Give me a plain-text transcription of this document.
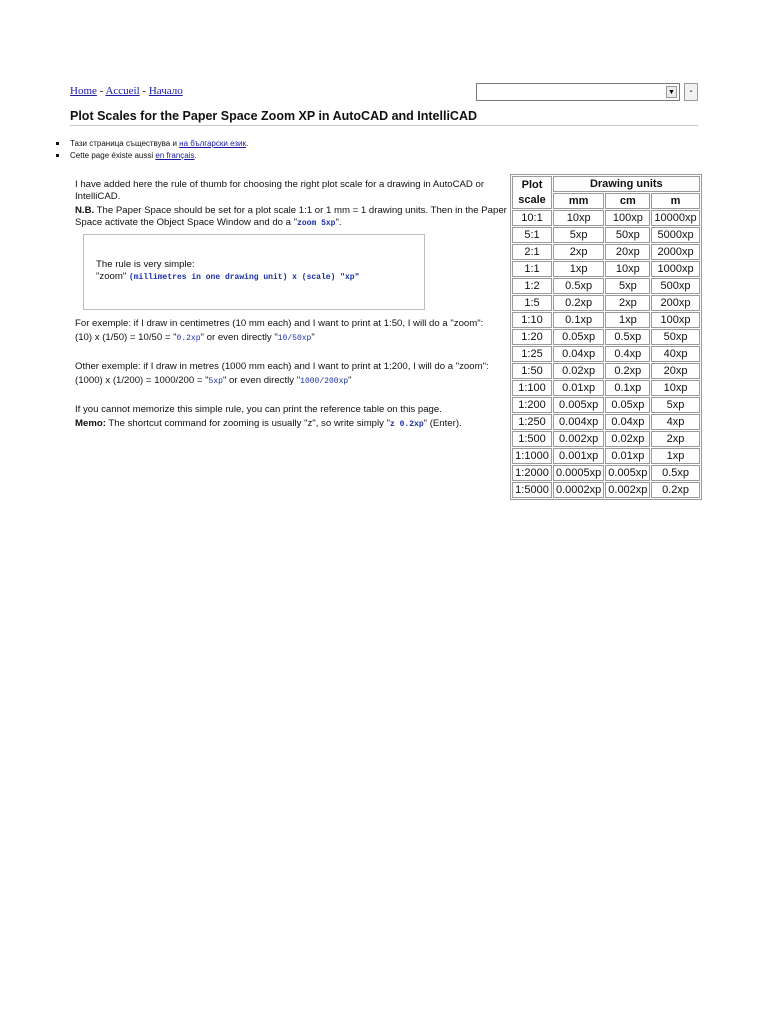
Home - Accueil - Начало	▼	-
Plot Scales for the Paper Space Zoom XP in AutoCAD and IntelliCAD
Тази страница съществува и на български език.
Cette page éxiste aussi en français.

I have added here the rule of thumb for choosing the right plot scale for a drawing in AutoCAD or IntelliCAD.

N.B. The Paper Space should be set for a plot scale 1:1 or 1 mm = 1 drawing units. Then in the Paper Space activate the Object Space Window and do a "zoom 5xp".

The rule is very simple:
"zoom" (millimetres in one drawing unit) x (scale) "xp"

For exemple: if I draw in centimetres (10 mm each) and I want to print at 1:50, I will do a "zoom":

(10) x (1/50) = 10/50 = "0.2xp" or even directly "10/50xp"

Other exemple: if I draw in metres (1000 mm each) and I want to print at 1:200, I will do a "zoom":

(1000) x (1/200) = 1000/200 = "5xp" or even directly "1000/200xp"

If you cannot memorize this simple rule, you can print the reference table on this page.

Memo: The shortcut command for zooming is usually "z", so write simply "z 0.2xp" (Enter).

Plot scale	Drawing units		
	mm	cm	m
10:1	10xp	100xp	10000xp
5:1	5xp	50xp	5000xp
2:1	2xp	20xp	2000xp
1:1	1xp	10xp	1000xp
1:2	0.5xp	5xp	500xp
1:5	0.2xp	2xp	200xp
1:10	0.1xp	1xp	100xp
1:20	0.05xp	0.5xp	50xp
1:25	0.04xp	0.4xp	40xp
1:50	0.02xp	0.2xp	20xp
1:100	0.01xp	0.1xp	10xp
1:200	0.005xp	0.05xp	5xp
1:250	0.004xp	0.04xp	4xp
1:500	0.002xp	0.02xp	2xp
1:1000	0.001xp	0.01xp	1xp
1:2000	0.0005xp	0.005xp	0.5xp
1:5000	0.0002xp	0.002xp	0.2xp
